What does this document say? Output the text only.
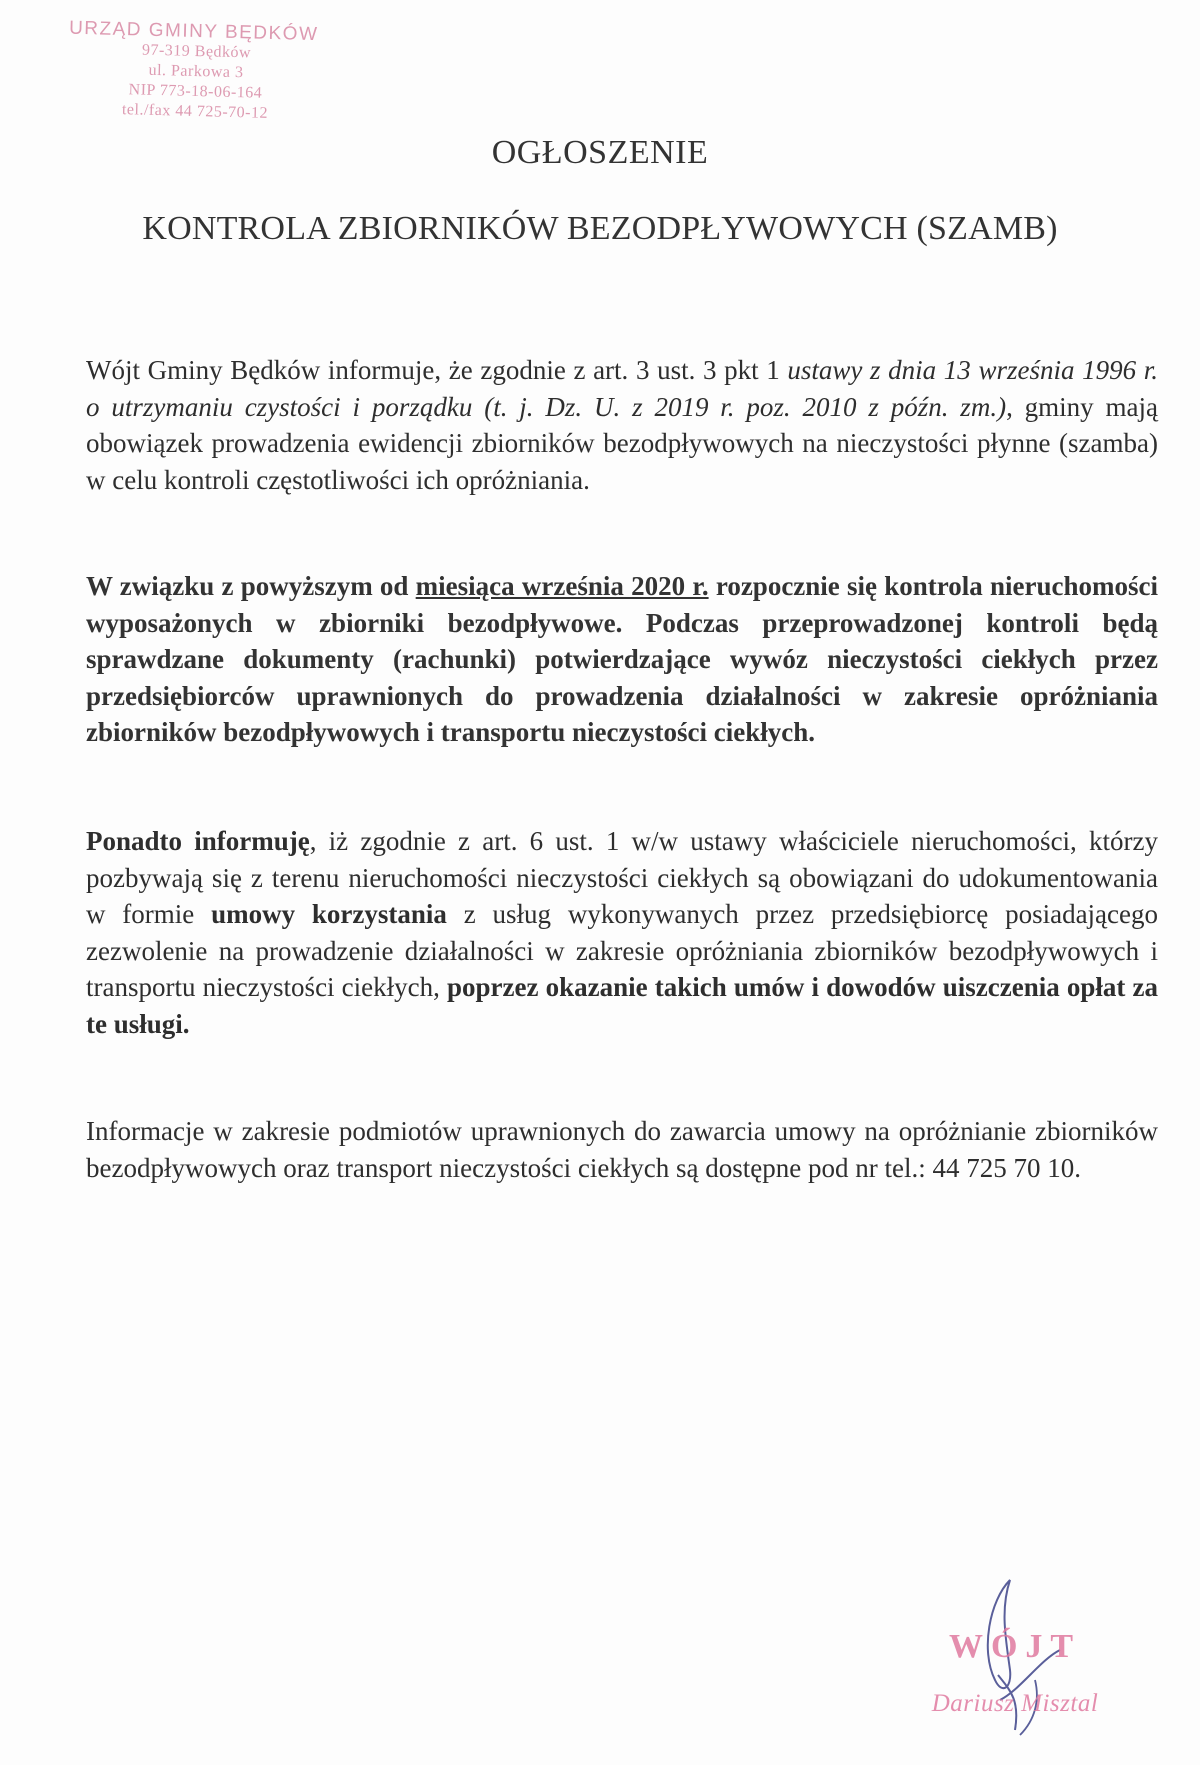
URZĄD GMINY BĘDKÓW
97-319 Będków
ul. Parkowa 3
NIP 773-18-06-164
tel./fax 44 725-70-12
OGŁOSZENIE
KONTROLA ZBIORNIKÓW BEZODPŁYWOWYCH (SZAMB)
Wójt Gminy Będków informuje, że zgodnie z art. 3 ust. 3 pkt 1 ustawy z dnia 13 września 1996 r. o utrzymaniu czystości i porządku (t. j. Dz. U. z 2019 r. poz. 2010 z późn. zm.), gminy mają obowiązek prowadzenia ewidencji zbiorników bezodpływowych na nieczystości płynne (szamba) w celu kontroli częstotliwości ich opróżniania.
W związku z powyższym od miesiąca września 2020 r. rozpocznie się kontrola nieruchomości wyposażonych w zbiorniki bezodpływowe. Podczas przeprowadzonej kontroli będą sprawdzane dokumenty (rachunki) potwierdzające wywóz nieczystości ciekłych przez przedsiębiorców uprawnionych do prowadzenia działalności w zakresie opróżniania zbiorników bezodpływowych i transportu nieczystości ciekłych.
Ponadto informuję, iż zgodnie z art. 6 ust. 1 w/w ustawy właściciele nieruchomości, którzy pozbywają się z terenu nieruchomości nieczystości ciekłych są obowiązani do udokumentowania w formie umowy korzystania z usług wykonywanych przez przedsiębiorcę posiadającego zezwolenie na prowadzenie działalności w zakresie opróżniania zbiorników bezodpływowych i transportu nieczystości ciekłych, poprzez okazanie takich umów i dowodów uiszczenia opłat za te usługi.
Informacje w zakresie podmiotów uprawnionych do zawarcia umowy na opróżnianie zbiorników bezodpływowych oraz transport nieczystości ciekłych są dostępne pod nr tel.: 44 725 70 10.
WÓJT
Dariusz Misztal
